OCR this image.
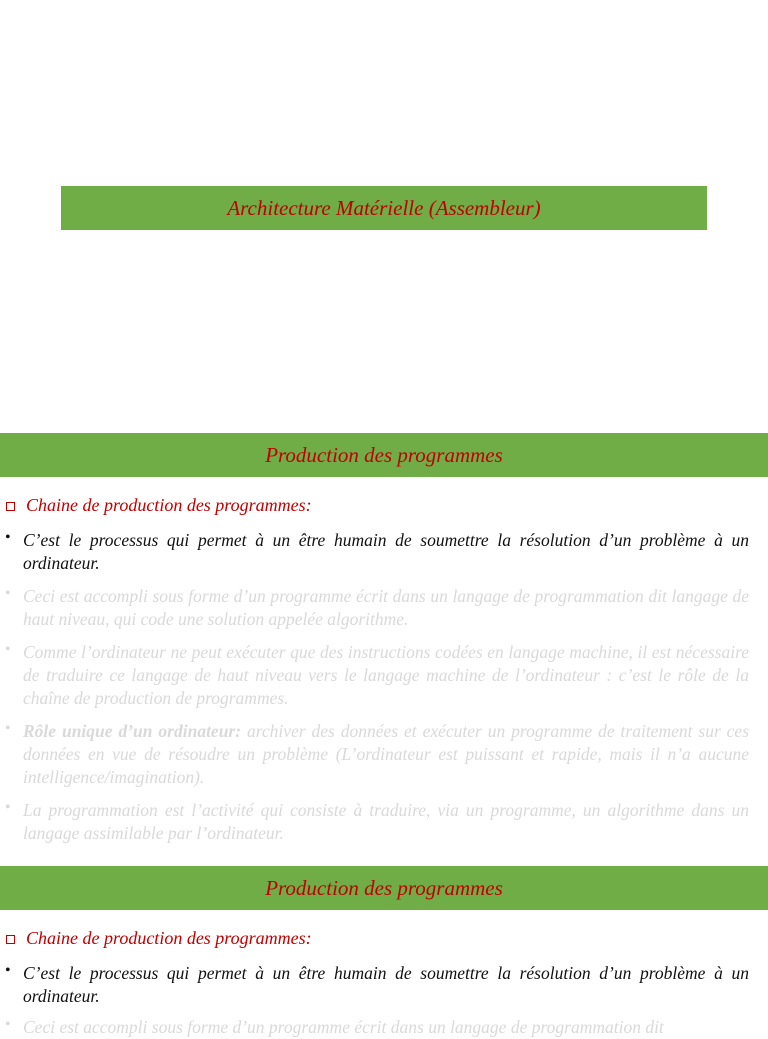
Architecture Matérielle (Assembleur)
Production des programmes
Chaine de production des programmes:
• C’est le processus qui permet à un être humain de soumettre la résolution d’un problème à un ordinateur.
• Ceci est accompli sous forme d’un programme écrit dans un langage de programmation dit langage de haut niveau, qui code une solution appelée algorithme.
• Comme l’ordinateur ne peut exécuter que des instructions codées en langage machine, il est nécessaire de traduire ce langage de haut niveau vers le langage machine de l’ordinateur : c’est le rôle de la chaîne de production de programmes.
• Rôle unique d’un ordinateur: archiver des données et exécuter un programme de traitement sur ces données en vue de résoudre un problème (L’ordinateur est puissant et rapide, mais il n’a aucune intelligence/imagination).
• La programmation est l’activité qui consiste à traduire, via un programme, un algorithme dans un langage assimilable par l’ordinateur.
Production des programmes
Chaine de production des programmes:
• C’est le processus qui permet à un être humain de soumettre la résolution d’un problème à un ordinateur.
• Ceci est accompli sous forme d’un programme écrit dans un langage de programmation dit
